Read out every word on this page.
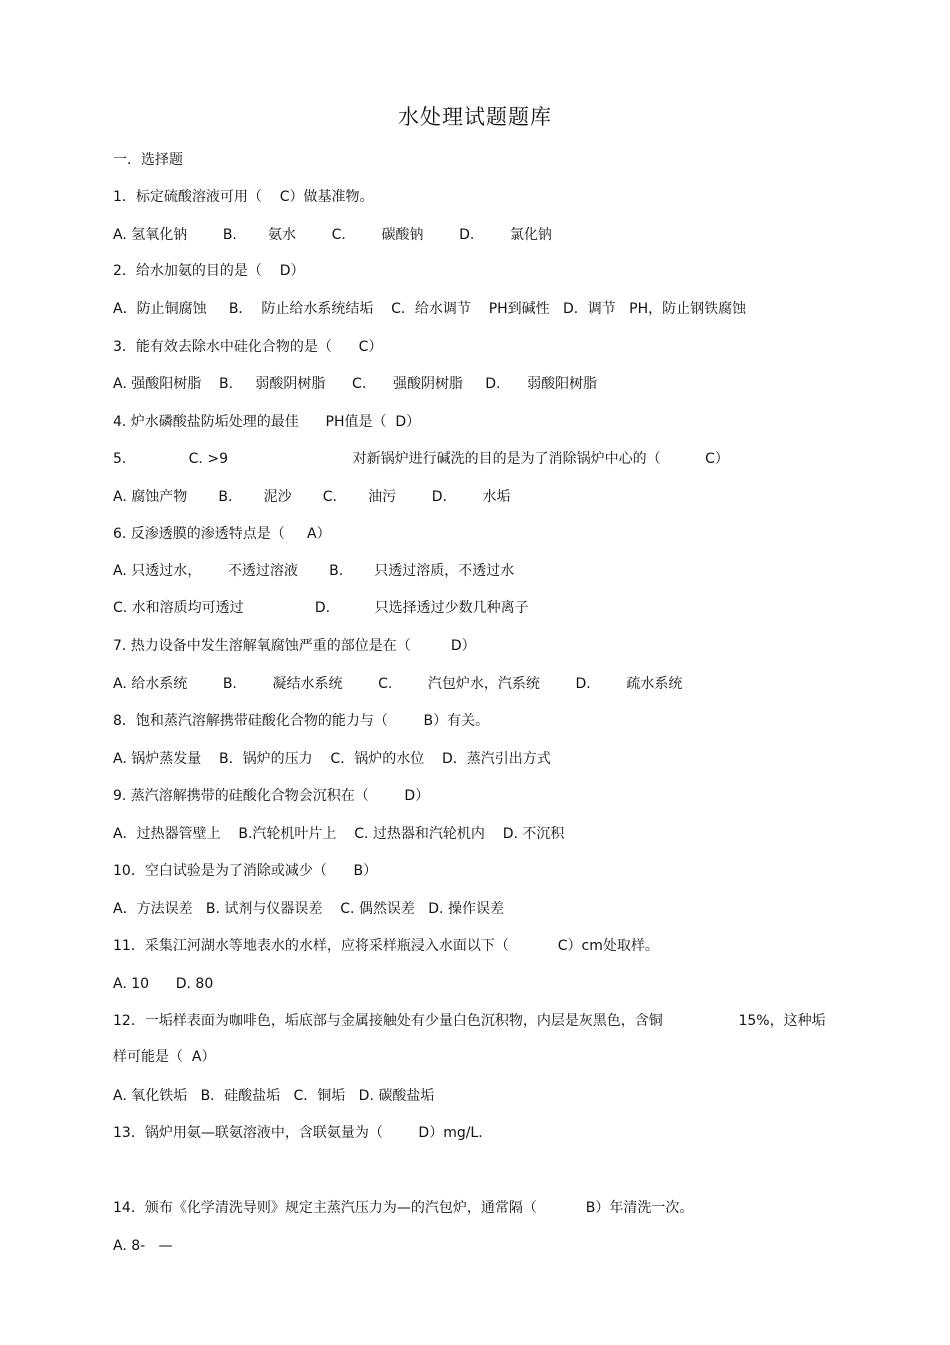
水处理试题题库
一．选择题
1．标定硫酸溶液可用（    C）做基准物。
A. 氢氧化钠        B.       氨水        C.        碳酸钠        D.        氯化钠
2．给水加氨的目的是（    D）
A．防止铜腐蚀     B．  防止给水系统结垢    C．给水调节    PH到碱性   D．调节   PH，防止钢铁腐蚀
3．能有效去除水中硅化合物的是（      C）
A. 强酸阳树脂    B.     弱酸阴树脂      C.      强酸阴树脂     D.      弱酸阳树脂
4. 炉水磷酸盐防垢处理的最佳      PH值是（  D）
5.              C. >9                            对新锅炉进行碱洗的目的是为了消除锅炉中心的（          C）
A. 腐蚀产物       B.       泥沙       C.       油污        D.        水垢
6. 反渗透膜的渗透特点是（     A）
A. 只透过水，      不透过溶液       B.       只透过溶质，不透过水
C. 水和溶质均可透过                D.          只选择透过少数几种离子
7. 热力设备中发生溶解氧腐蚀严重的部位是在（         D）
A. 给水系统        B.        凝结水系统        C.        汽包炉水，汽系统        D.        疏水系统
8．饱和蒸汽溶解携带硅酸化合物的能力与（        B）有关。
A. 锅炉蒸发量    B．锅炉的压力    C．锅炉的水位    D．蒸汽引出方式
9. 蒸汽溶解携带的硅酸化合物会沉积在（        D）
A．过热器管壁上    B.汽轮机叶片上    C. 过热器和汽轮机内    D. 不沉积
10．空白试验是为了消除或减少（      B）
A．方法误差   B. 试剂与仪器误差    C. 偶然误差   D. 操作误差
11．采集江河湖水等地表水的水样，应将采样瓶浸入水面以下（           C）cm处取样。
A. 10      D. 80
12．一垢样表面为咖啡色，垢底部与金属接触处有少量白色沉积物，内层是灰黑色，含铜                 15%，这种垢
样可能是（  A）
A. 氧化铁垢   B．硅酸盐垢   C．铜垢   D. 碳酸盐垢
13．锅炉用氨—联氨溶液中，含联氨量为（        D）mg/L.
14．颁布《化学清洗导则》规定主蒸汽压力为—的汽包炉，通常隔（           B）年清洗一次。
A. 8-   —
